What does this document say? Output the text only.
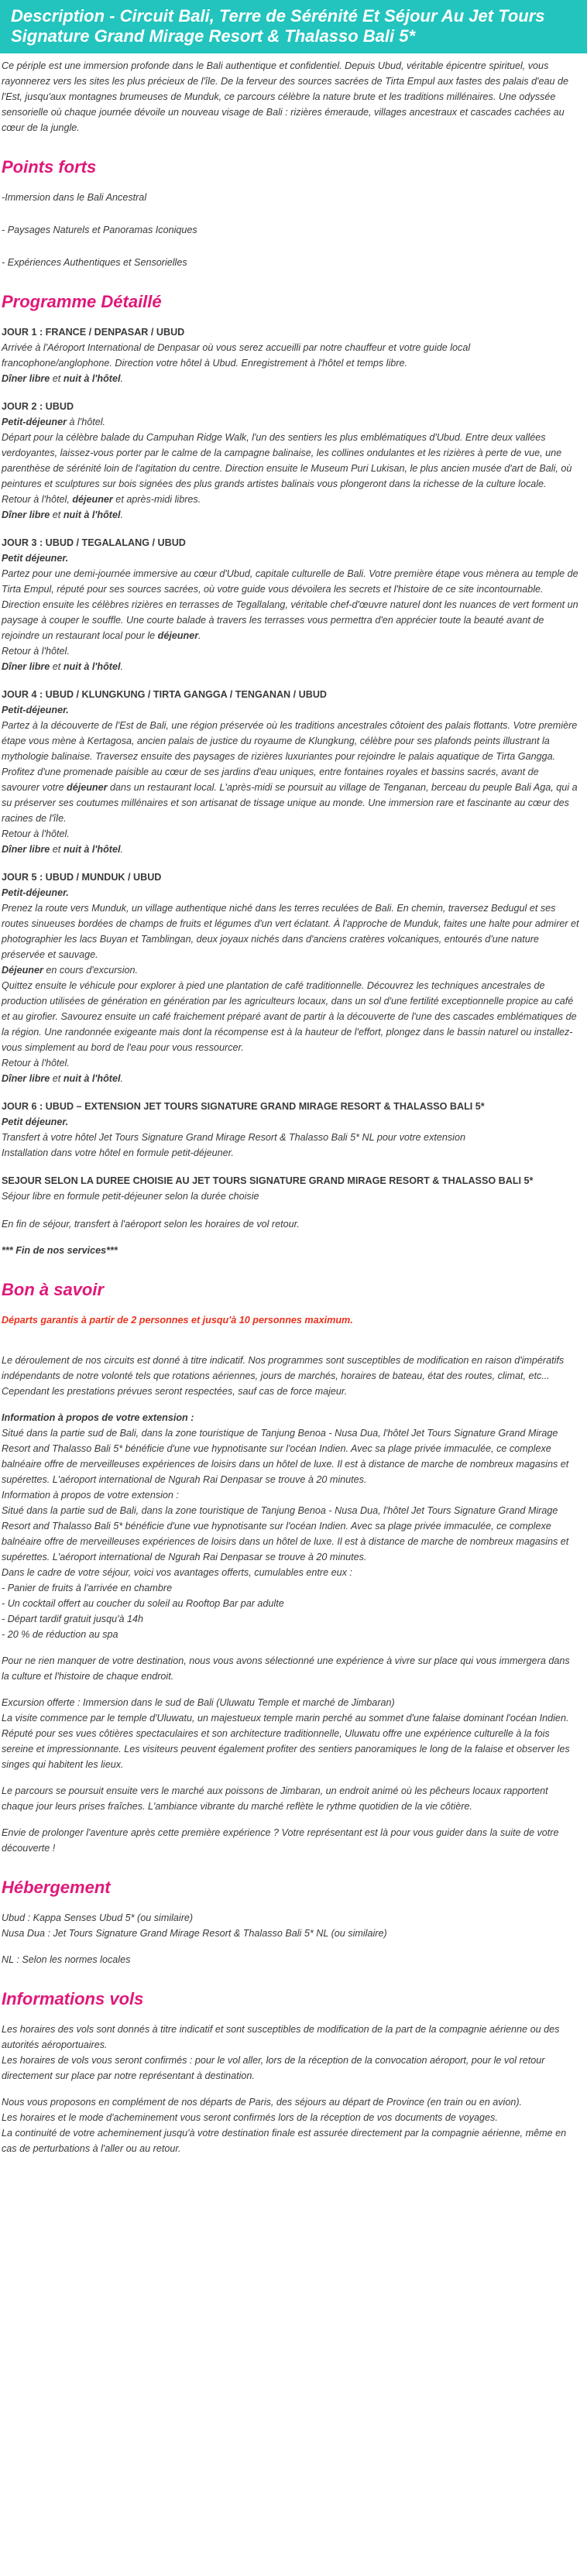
Description - Circuit Bali, Terre de Sérénité Et Séjour Au Jet Tours Signature Grand Mirage Resort & Thalasso Bali 5*

Ce périple est une immersion profonde dans le Bali authentique et confidentiel. Depuis Ubud, véritable épicentre spirituel, vous rayonnerez vers les sites les plus précieux de l'île. De la ferveur des sources sacrées de Tirta Empul aux fastes des palais d'eau de l'Est, jusqu'aux montagnes brumeuses de Munduk, ce parcours célèbre la nature brute et les traditions millénaires. Une odyssée sensorielle où chaque journée dévoile un nouveau visage de Bali : rizières émeraude, villages ancestraux et cascades cachées au cœur de la jungle.

Points forts

-Immersion dans le Bali Ancestral

- Paysages Naturels et Panoramas Iconiques

- Expériences Authentiques et Sensorielles

Programme Détaillé

JOUR 1 : FRANCE / DENPASAR / UBUD

Arrivée à l'Aéroport International de Denpasar où vous serez accueilli par notre chauffeur et votre guide local francophone/anglophone. Direction votre hôtel à Ubud. Enregistrement à l'hôtel et temps libre.

Dîner libre et nuit à l'hôtel.

JOUR 2 : UBUD

Petit-déjeuner à l'hôtel.

Départ pour la célèbre balade du Campuhan Ridge Walk, l'un des sentiers les plus emblématiques d'Ubud. Entre deux vallées verdoyantes, laissez-vous porter par le calme de la campagne balinaise, les collines ondulantes et les rizières à perte de vue, une parenthèse de sérénité loin de l'agitation du centre. Direction ensuite le Museum Puri Lukisan, le plus ancien musée d'art de Bali, où peintures et sculptures sur bois signées des plus grands artistes balinais vous plongeront dans la richesse de la culture locale.

Retour à l'hôtel, déjeuner et après-midi libres.

Dîner libre et nuit à l'hôtel.

JOUR 3 : UBUD / TEGALALANG / UBUD

Petit déjeuner.

Partez pour une demi-journée immersive au cœur d'Ubud, capitale culturelle de Bali. Votre première étape vous mènera au temple de Tirta Empul, réputé pour ses sources sacrées, où votre guide vous dévoilera les secrets et l'histoire de ce site incontournable. Direction ensuite les célèbres rizières en terrasses de Tegallalang, véritable chef-d'œuvre naturel dont les nuances de vert forment un paysage à couper le souffle. Une courte balade à travers les terrasses vous permettra d'en apprécier toute la beauté avant de rejoindre un restaurant local pour le déjeuner.

Retour à l'hôtel.

Dîner libre et nuit à l'hôtel.

JOUR 4 : UBUD / KLUNGKUNG / TIRTA GANGGA / TENGANAN / UBUD

Petit-déjeuner.

Partez à la découverte de l'Est de Bali, une région préservée où les traditions ancestrales côtoient des palais flottants. Votre première étape vous mène à Kertagosa, ancien palais de justice du royaume de Klungkung, célèbre pour ses plafonds peints illustrant la mythologie balinaise. Traversez ensuite des paysages de rizières luxuriantes pour rejoindre le palais aquatique de Tirta Gangga. Profitez d'une promenade paisible au cœur de ses jardins d'eau uniques, entre fontaines royales et bassins sacrés, avant de savourer votre déjeuner dans un restaurant local. L'après-midi se poursuit au village de Tenganan, berceau du peuple Bali Aga, qui a su préserver ses coutumes millénaires et son artisanat de tissage unique au monde. Une immersion rare et fascinante au cœur des racines de l'île.

Retour à l'hôtel.

Dîner libre et nuit à l'hôtel.

JOUR 5 : UBUD / MUNDUK / UBUD

Petit-déjeuner.

Prenez la route vers Munduk, un village authentique niché dans les terres reculées de Bali. En chemin, traversez Bedugul et ses routes sinueuses bordées de champs de fruits et légumes d'un vert éclatant. À l'approche de Munduk, faites une halte pour admirer et photographier les lacs Buyan et Tamblingan, deux joyaux nichés dans d'anciens cratères volcaniques, entourés d'une nature préservée et sauvage.

Déjeuner en cours d'excursion.

Quittez ensuite le véhicule pour explorer à pied une plantation de café traditionnelle. Découvrez les techniques ancestrales de production utilisées de génération en génération par les agriculteurs locaux, dans un sol d'une fertilité exceptionnelle propice au café et au girofier. Savourez ensuite un café fraichement préparé avant de partir à la découverte de l'une des cascades emblématiques de la région. Une randonnée exigeante mais dont la récompense est à la hauteur de l'effort, plongez dans le bassin naturel ou installez-vous simplement au bord de l'eau pour vous ressourcer.

Retour à l'hôtel.

Dîner libre et nuit à l'hôtel.

JOUR 6 : UBUD – EXTENSION JET TOURS SIGNATURE GRAND MIRAGE RESORT & THALASSO BALI 5*

Petit déjeuner.

Transfert à votre hôtel Jet Tours Signature Grand Mirage Resort & Thalasso Bali 5* NL pour votre extension

Installation dans votre hôtel en formule petit-déjeuner.

SEJOUR SELON LA DUREE CHOISIE AU JET TOURS SIGNATURE GRAND MIRAGE RESORT & THALASSO BALI 5*

Séjour libre en formule petit-déjeuner selon la durée choisie

En fin de séjour, transfert à l'aéroport selon les horaires de vol retour.

*** Fin de nos services***

Bon à savoir

Départs garantis à partir de 2 personnes et jusqu'à 10 personnes maximum.

Le déroulement de nos circuits est donné à titre indicatif. Nos programmes sont susceptibles de modification en raison d'impératifs indépendants de notre volonté tels que rotations aériennes, jours de marchés, horaires de bateau, état des routes, climat, etc... Cependant les prestations prévues seront respectées, sauf cas de force majeur.

Information à propos de votre extension :

Situé dans la partie sud de Bali, dans la zone touristique de Tanjung Benoa - Nusa Dua, l'hôtel Jet Tours Signature Grand Mirage Resort and Thalasso Bali 5* bénéficie d'une vue hypnotisante sur l'océan Indien. Avec sa plage privée immaculée, ce complexe balnéaire offre de merveilleuses expériences de loisirs dans un hôtel de luxe. Il est à distance de marche de nombreux magasins et supérettes. L'aéroport international de Ngurah Rai Denpasar se trouve à 20 minutes.

Information à propos de votre extension :

Situé dans la partie sud de Bali, dans la zone touristique de Tanjung Benoa - Nusa Dua, l'hôtel Jet Tours Signature Grand Mirage Resort and Thalasso Bali 5* bénéficie d'une vue hypnotisante sur l'océan Indien. Avec sa plage privée immaculée, ce complexe balnéaire offre de merveilleuses expériences de loisirs dans un hôtel de luxe. Il est à distance de marche de nombreux magasins et supérettes. L'aéroport international de Ngurah Rai Denpasar se trouve à 20 minutes.

Dans le cadre de votre séjour, voici vos avantages offerts, cumulables entre eux :

- Panier de fruits à l'arrivée en chambre

- Un cocktail offert au coucher du soleil au Rooftop Bar par adulte

- Départ tardif gratuit jusqu'à 14h

- 20 % de réduction au spa

Pour ne rien manquer de votre destination, nous vous avons sélectionné une expérience à vivre sur place qui vous immergera dans la culture et l'histoire de chaque endroit.

Excursion offerte : Immersion dans le sud de Bali (Uluwatu Temple et marché de Jimbaran)
La visite commence par le temple d'Uluwatu, un majestueux temple marin perché au sommet d'une falaise dominant l'océan Indien. Réputé pour ses vues côtières spectaculaires et son architecture traditionnelle, Uluwatu offre une expérience culturelle à la fois sereine et impressionnante. Les visiteurs peuvent également profiter des sentiers panoramiques le long de la falaise et observer les singes qui habitent les lieux.

Le parcours se poursuit ensuite vers le marché aux poissons de Jimbaran, un endroit animé où les pêcheurs locaux rapportent chaque jour leurs prises fraîches. L'ambiance vibrante du marché reflète le rythme quotidien de la vie côtière.

Envie de prolonger l'aventure après cette première expérience ? Votre représentant est là pour vous guider dans la suite de votre découverte !

Hébergement

Ubud : Kappa Senses Ubud 5* (ou similaire)

Nusa Dua : Jet Tours Signature Grand Mirage Resort & Thalasso Bali 5* NL (ou similaire)

NL : Selon les normes locales

Informations vols

Les horaires des vols sont donnés à titre indicatif et sont susceptibles de modification de la part de la compagnie aérienne ou des autorités aéroportuaires.
Les horaires de vols vous seront confirmés : pour le vol aller, lors de la réception de la convocation aéroport, pour le vol retour directement sur place par notre représentant à destination.

Nous vous proposons en complément de nos départs de Paris, des séjours au départ de Province (en train ou en avion).
Les horaires et le mode d'acheminement vous seront confirmés lors de la réception de vos documents de voyages.
La continuité de votre acheminement jusqu'à votre destination finale est assurée directement par la compagnie aérienne, même en cas de perturbations à l'aller ou au retour.
